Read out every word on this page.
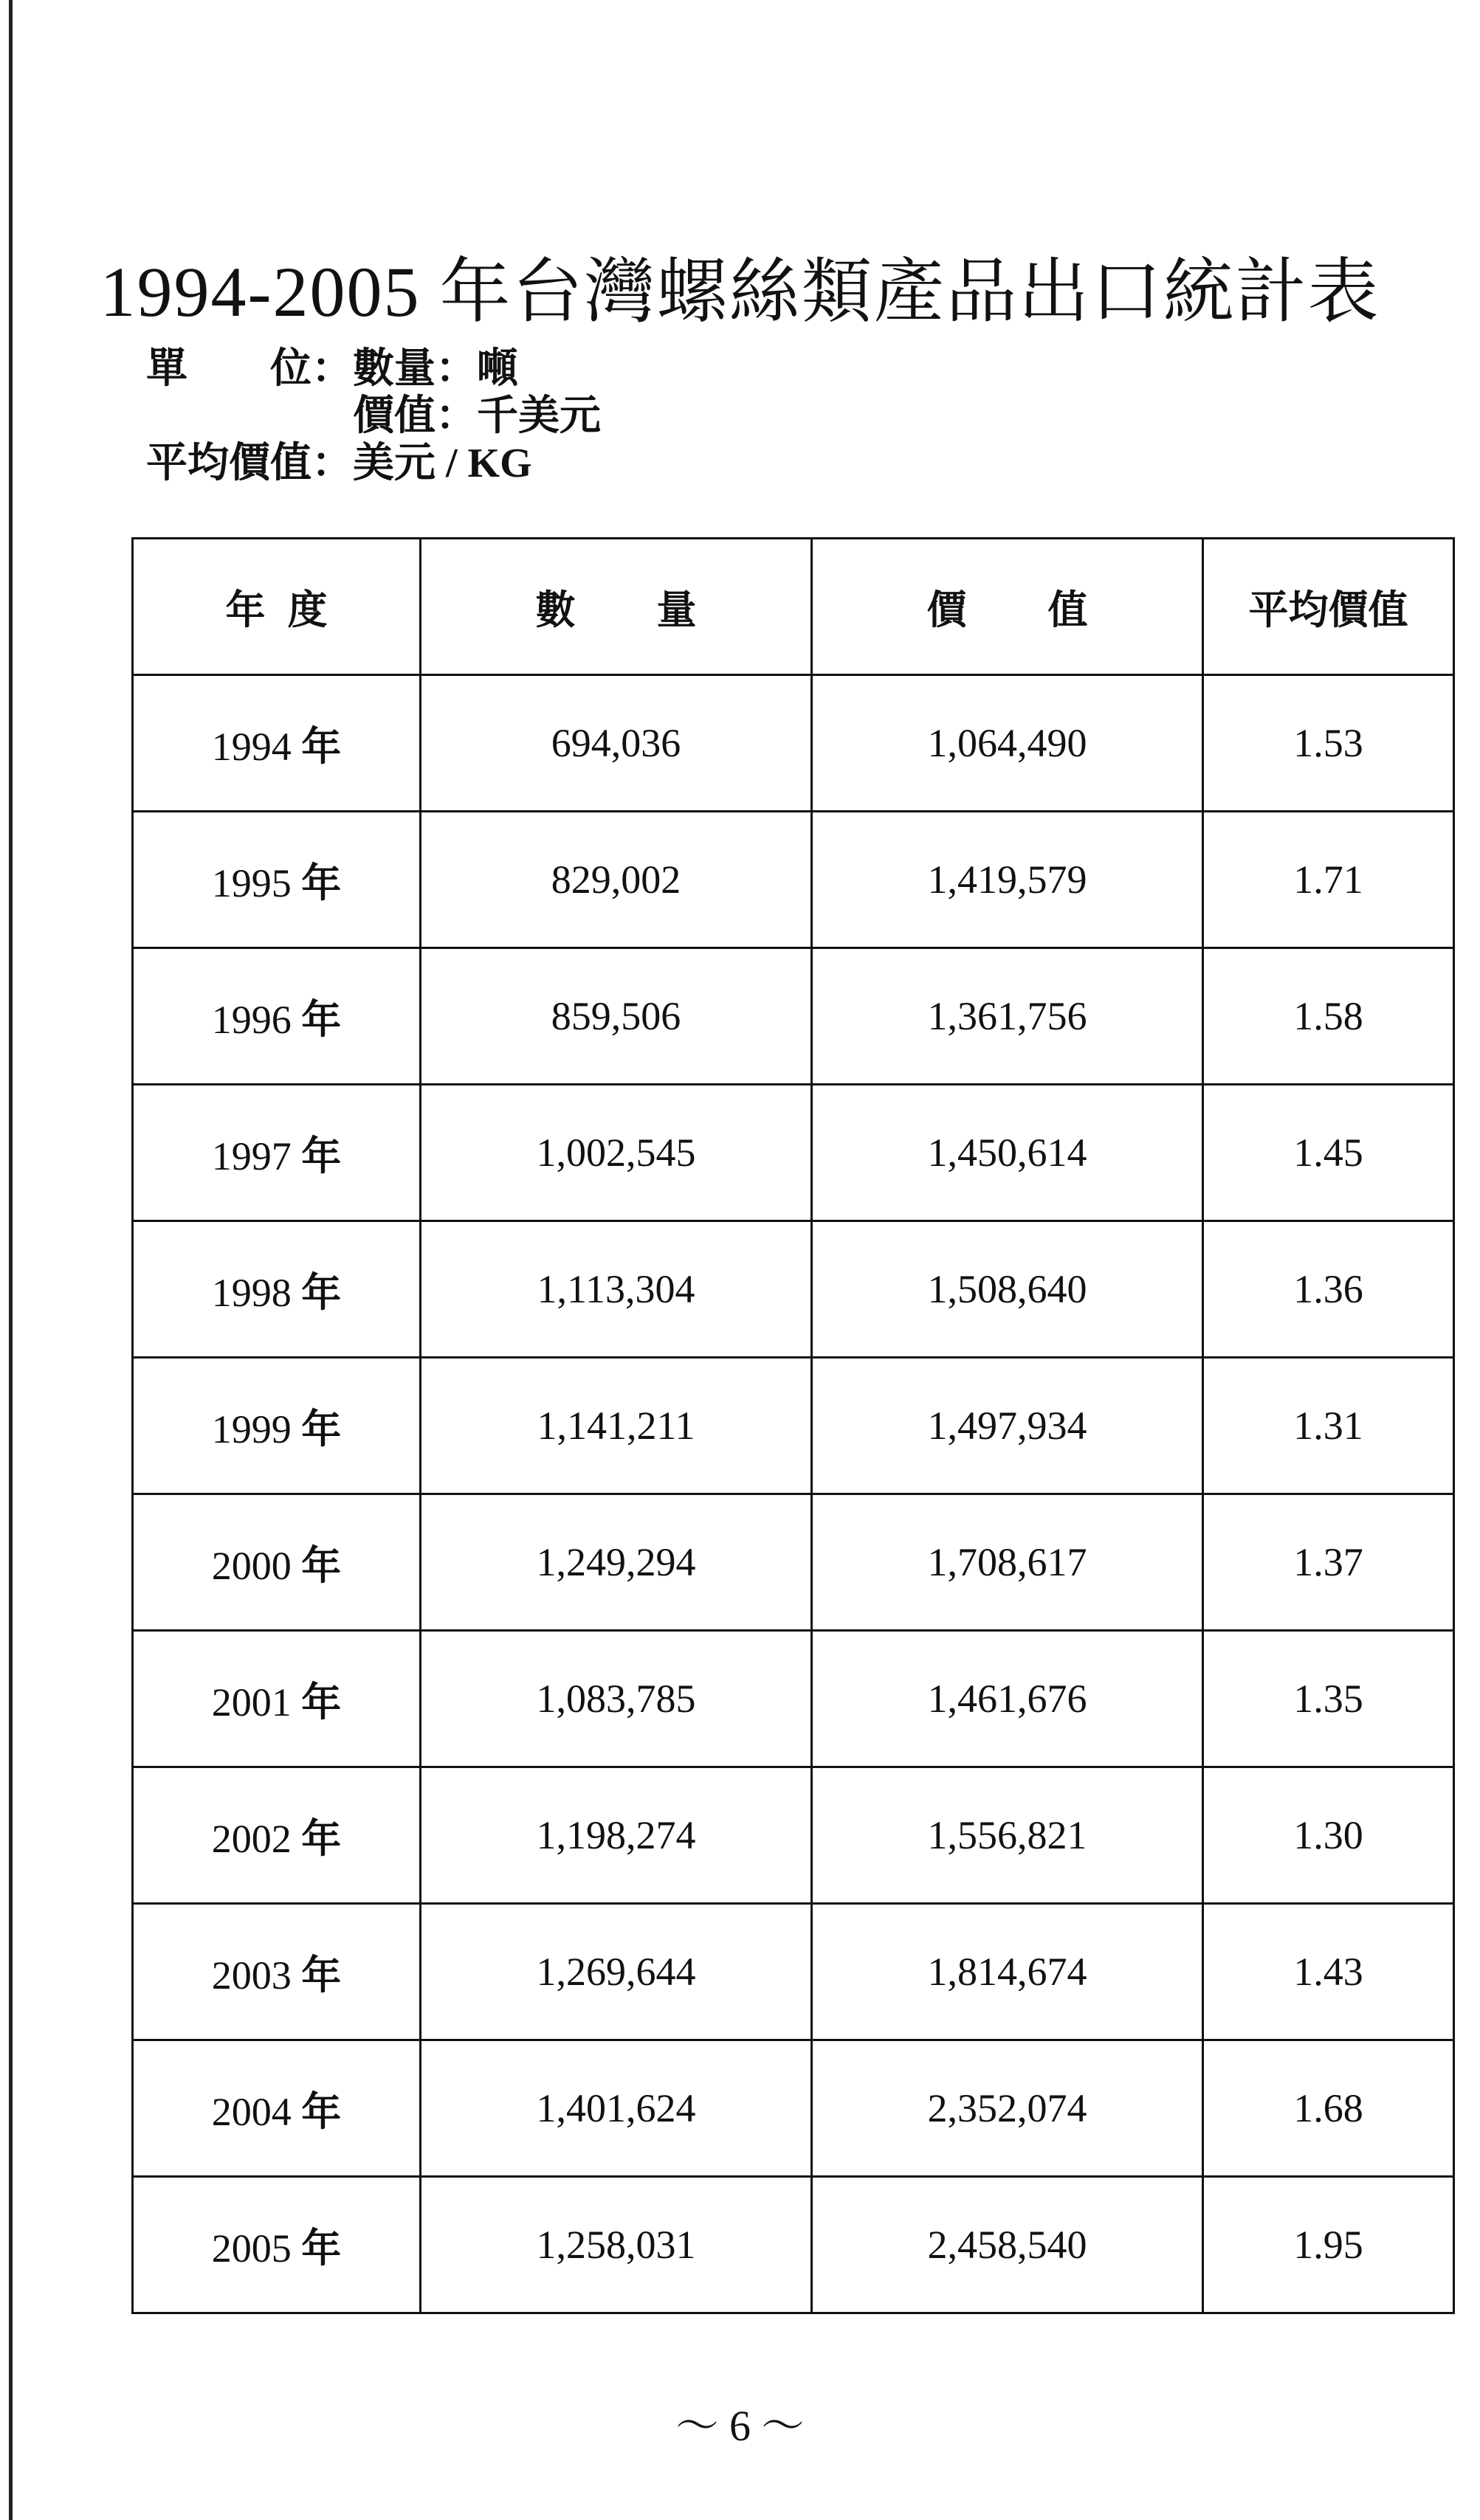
1994-2005 年台灣螺絲類產品出口統計表
單　　位：數量：噸
價值：千美元
平均價值：美元 / KG
年度	數量	價值	平均價值
1994 年	694,036	1,064,490	1.53
1995 年	829,002	1,419,579	1.71
1996 年	859,506	1,361,756	1.58
1997 年	1,002,545	1,450,614	1.45
1998 年	1,113,304	1,508,640	1.36
1999 年	1,141,211	1,497,934	1.31
2000 年	1,249,294	1,708,617	1.37
2001 年	1,083,785	1,461,676	1.35
2002 年	1,198,274	1,556,821	1.30
2003 年	1,269,644	1,814,674	1.43
2004 年	1,401,624	2,352,074	1.68
2005 年	1,258,031	2,458,540	1.95
～ 6 ～
